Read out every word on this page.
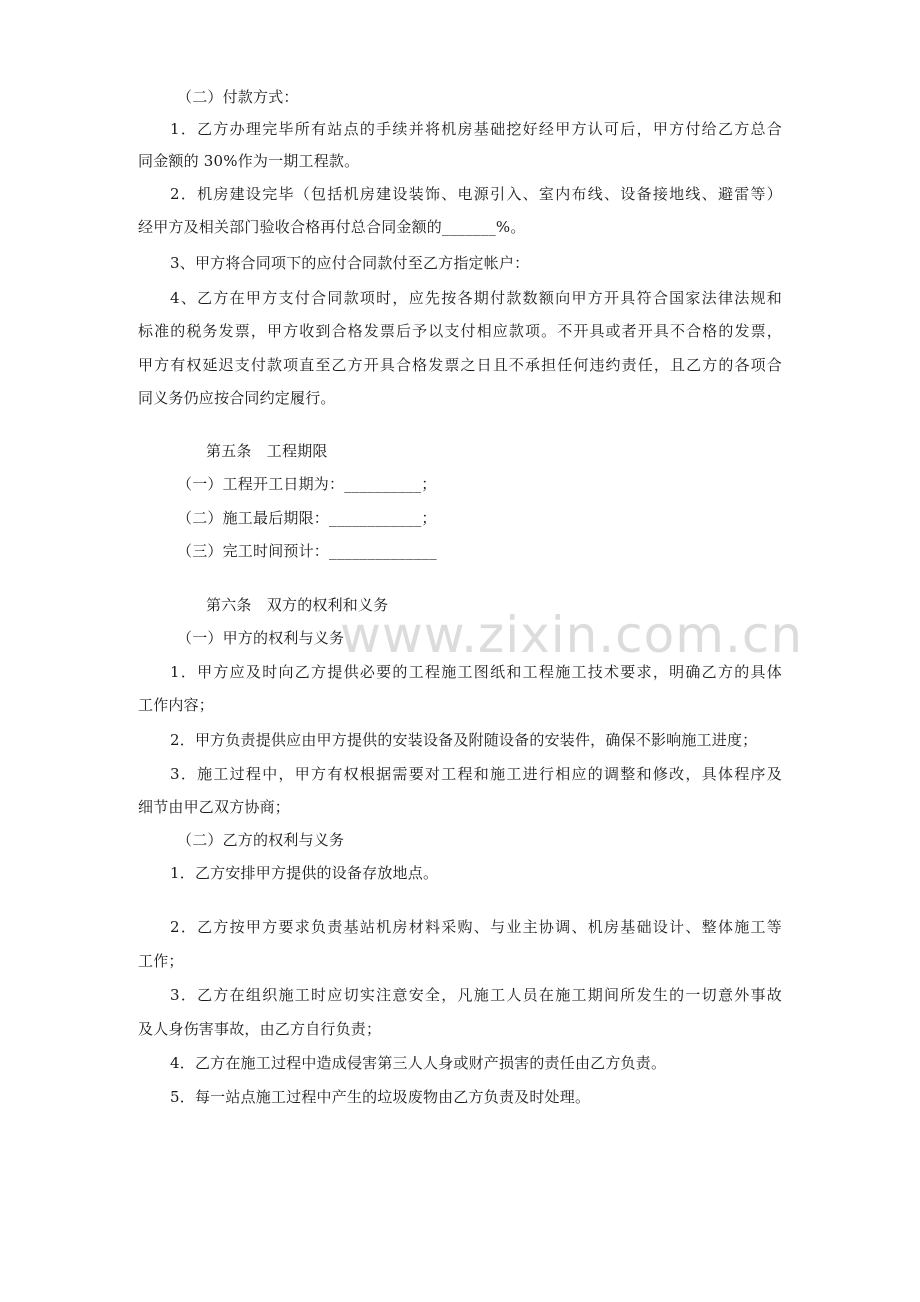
www.zixin.com.cn
（二）付款方式：
1．乙方办理完毕所有站点的手续并将机房基础挖好经甲方认可后，甲方付给乙方总合
同金额的 30%作为一期工程款。
2．机房建设完毕（包括机房建设装饰、电源引入、室内布线、设备接地线、避雷等）
经甲方及相关部门验收合格再付总合同金额的_______%。
3、甲方将合同项下的应付合同款付至乙方指定帐户：
4、乙方在甲方支付合同款项时，应先按各期付款数额向甲方开具符合国家法律法规和
标准的税务发票，甲方收到合格发票后予以支付相应款项。不开具或者开具不合格的发票，
甲方有权延迟支付款项直至乙方开具合格发票之日且不承担任何违约责任，且乙方的各项合
同义务仍应按合同约定履行。
第五条　工程期限
（一）工程开工日期为：__________；
（二）施工最后期限：____________；
（三）完工时间预计：______________
第六条　双方的权利和义务
（一）甲方的权利与义务
1．甲方应及时向乙方提供必要的工程施工图纸和工程施工技术要求，明确乙方的具体
工作内容；
2．甲方负责提供应由甲方提供的安装设备及附随设备的安装件，确保不影响施工进度；
3．施工过程中，甲方有权根据需要对工程和施工进行相应的调整和修改，具体程序及
细节由甲乙双方协商；
（二）乙方的权利与义务
1．乙方安排甲方提供的设备存放地点。
2．乙方按甲方要求负责基站机房材料采购、与业主协调、机房基础设计、整体施工等
工作；
3．乙方在组织施工时应切实注意安全，凡施工人员在施工期间所发生的一切意外事故
及人身伤害事故，由乙方自行负责；
4．乙方在施工过程中造成侵害第三人人身或财产损害的责任由乙方负责。
5．每一站点施工过程中产生的垃圾废物由乙方负责及时处理。
